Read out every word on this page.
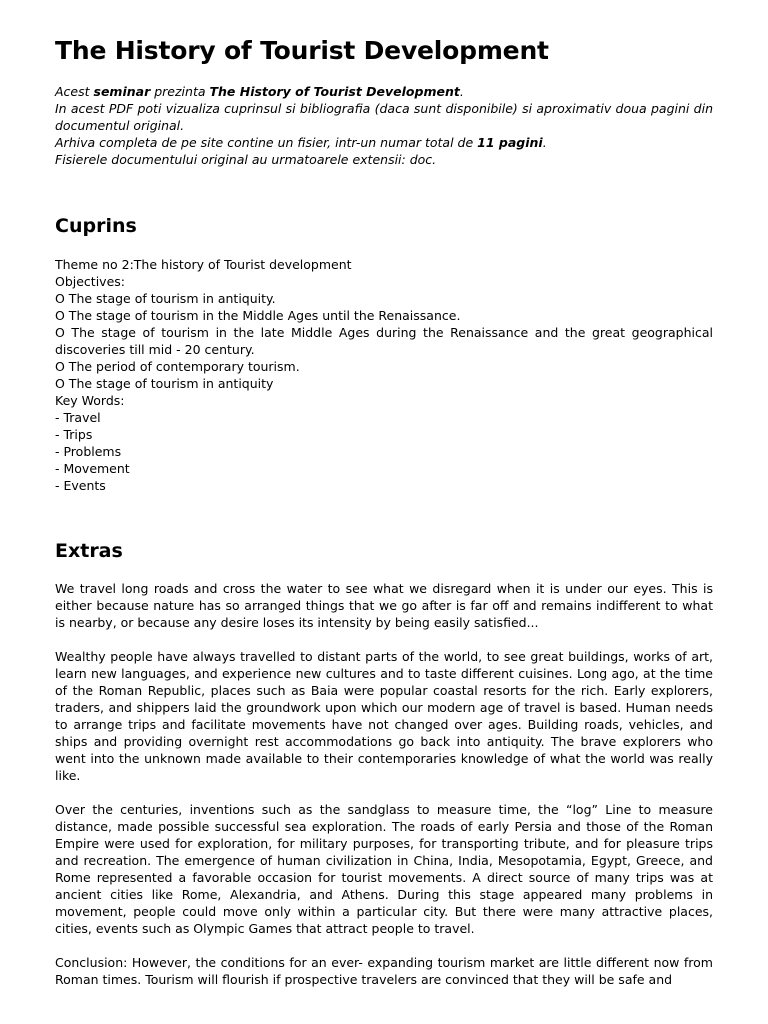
The History of Tourist Development

Acest seminar prezinta The History of Tourist Development.

In acest PDF poti vizualiza cuprinsul si bibliografia (daca sunt disponibile) si aproximativ doua pagini din documentul original.

Arhiva completa de pe site contine un fisier, intr-un numar total de 11 pagini.

Fisierele documentului original au urmatoarele extensii: doc.

Cuprins
Theme no 2:The history of Tourist development
Objectives:
O The stage of tourism in antiquity.
O The stage of tourism in the Middle Ages until the Renaissance.
O The stage of tourism in the late Middle Ages during the Renaissance and the great geographical discoveries till mid - 20 century.
O The period of contemporary tourism.
O The stage of tourism in antiquity
Key Words:
- Travel
- Trips
- Problems
- Movement
- Events
Extras

We travel long roads and cross the water to see what we disregard when it is under our eyes. This is either because nature has so arranged things that we go after is far off and remains indifferent to what is nearby, or because any desire loses its intensity by being easily satisfied...

Wealthy people have always travelled to distant parts of the world, to see great buildings, works of art, learn new languages, and experience new cultures and to taste different cuisines. Long ago, at the time of the Roman Republic, places such as Baia were popular coastal resorts for the rich. Early explorers, traders, and shippers laid the groundwork upon which our modern age of travel is based. Human needs to arrange trips and facilitate movements have not changed over ages. Building roads, vehicles, and ships and providing overnight rest accommodations go back into antiquity. The brave explorers who went into the unknown made available to their contemporaries knowledge of what the world was really like.

Over the centuries, inventions such as the sandglass to measure time, the “log” Line to measure distance, made possible successful sea exploration. The roads of early Persia and those of the Roman Empire were used for exploration, for military purposes, for transporting tribute, and for pleasure trips and recreation. The emergence of human civilization in China, India, Mesopotamia, Egypt, Greece, and Rome represented a favorable occasion for tourist movements. A direct source of many trips was at ancient cities like Rome, Alexandria, and Athens. During this stage appeared many problems in movement, people could move only within a particular city. But there were many attractive places, cities, events such as Olympic Games that attract people to travel.

Conclusion: However, the conditions for an ever- expanding tourism market are little different now from Roman times. Tourism will flourish if prospective travelers are convinced that they will be safe and
